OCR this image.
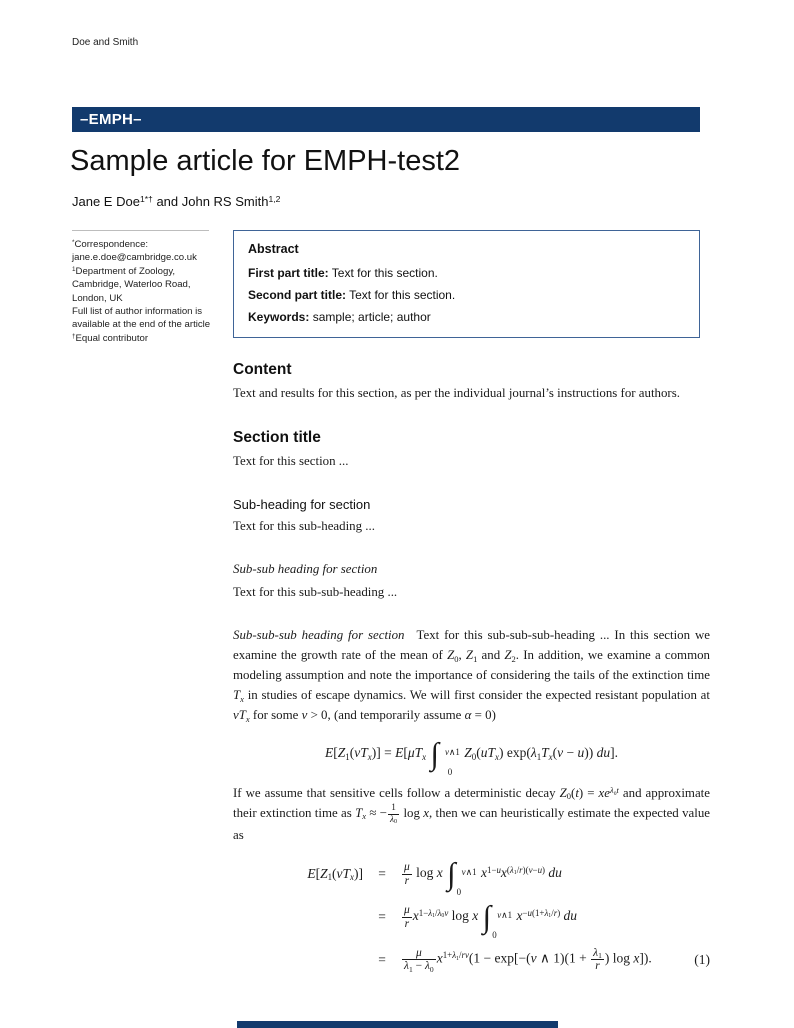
Doe and Smith
–EMPH–
Sample article for EMPH-test2
Jane E Doe$^{1*\dagger}$ and John RS Smith$^{1,2}$
*Correspondence:
jane.e.doe@cambridge.co.uk
$^1$Department of Zoology,
Cambridge, Waterloo Road,
London, UK
Full list of author information is
available at the end of the article
†Equal contributor
Abstract
First part title: Text for this section.
Second part title: Text for this section.
Keywords: sample; article; author
Content

Text and results for this section, as per the individual journal’s instructions for authors.

Section title

Text for this section ...

Sub-heading for section

Text for this sub-heading ...

Sub-sub heading for section

Text for this sub-sub-heading ...

Sub-sub-sub heading for section Text for this sub-sub-sub-heading ... In this section we examine the growth rate of the mean of $Z_0$, $Z_1$ and $Z_2$. In addition, we examine a common modeling assumption and note the importance of considering the tails of the extinction time $T_x$ in studies of escape dynamics. We will first consider the expected resistant population at $vT_x$ for some v > 0, (and temporarily assume α = 0)

$E[Z_1(vT_x)] = E[\mu T_x$ ∫ v∧1
0
$Z_0(uT_x) \exp(\lambda_1T_x(v - u))$ du].

If we assume that sensitive cells follow a deterministic decay $Z_0(t) = xe^{\lambda_0t}$ and approximate their extinction time as $T_x$ ≈ − $\frac{1}{\lambda_0}$ log x, then we can heuristically estimate the expected value as

$E[Z_1(vT_x)]$	=	$\frac{\mu}{r}$ log x ∫ v∧1
0
$x^{1-u}x^{(\lambda_1/r)(v-u)}$ du
=	$\frac{\mu}{r} x^{1-\lambda_1/\lambda_0v}$ log x ∫ v∧1
0
$x^{-u(1+\lambda_1/r)}$ du
=	$\frac{\mu}{\lambda_1 - \lambda_0} x^{1+\lambda_1/rv}(1 - \exp[-(v$ ∧ $1)(1 + \frac{\lambda_1}{r}$ ) log x]).	(1)
